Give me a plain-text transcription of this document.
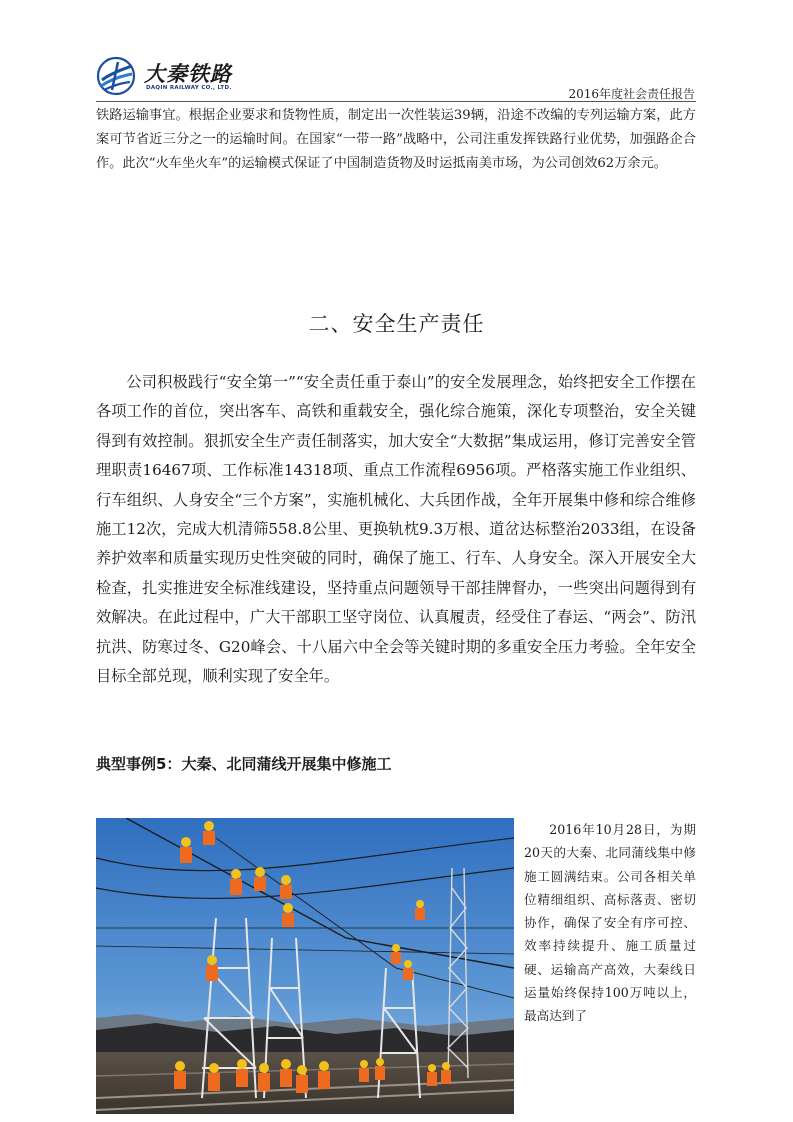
大秦铁路
DAQIN RAILWAY CO., LTD.	2016年度社会责任报告

铁路运输事宜。根据企业要求和货物性质，制定出一次性装运39辆，沿途不改编的专列运输方案，此方案可节省近三分之一的运输时间。在国家“一带一路”战略中，公司注重发挥铁路行业优势，加强路企合作。此次“火车坐火车”的运输模式保证了中国制造货物及时运抵南美市场，为公司创效62万余元。

二、安全生产责任

公司积极践行“安全第一”“安全责任重于泰山”的安全发展理念，始终把安全工作摆在各项工作的首位，突出客车、高铁和重载安全，强化综合施策，深化专项整治，安全关键得到有效控制。狠抓安全生产责任制落实，加大安全“大数据”集成运用，修订完善安全管理职责16467项、工作标准14318项、重点工作流程6956项。严格落实施工作业组织、行车组织、人身安全“三个方案”，实施机械化、大兵团作战，全年开展集中修和综合维修施工12次，完成大机清筛558.8公里、更换轨枕9.3万根、道岔达标整治2033组，在设备养护效率和质量实现历史性突破的同时，确保了施工、行车、人身安全。深入开展安全大检查，扎实推进安全标准线建设，坚持重点问题领导干部挂牌督办，一些突出问题得到有效解决。在此过程中，广大干部职工坚守岗位、认真履责，经受住了春运、“两会”、防汛抗洪、防寒过冬、G20峰会、十八届六中全会等关键时期的多重安全压力考验。全年安全目标全部兑现，顺利实现了安全年。

典型事例5：大秦、北同蒲线开展集中修施工

2016年10月28日，为期20天的大秦、北同蒲线集中修施工圆满结束。公司各相关单位精细组织、高标落责、密切协作，确保了安全有序可控、效率持续提升、施工质量过硬、运输高产高效，大秦线日运量始终保持100万吨以上，最高达到了
